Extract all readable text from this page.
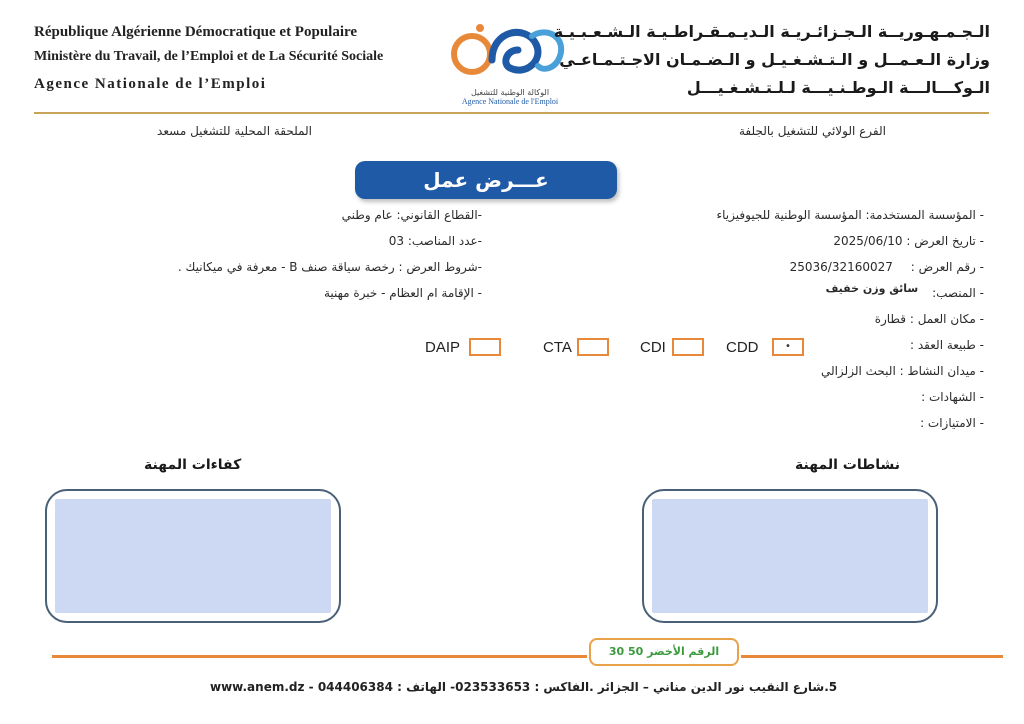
République Algérienne Démocratique et Populaire
Ministère du Travail, de l’Emploi et de La Sécurité Sociale
Agence Nationale de l’Emploi
الوكالة الوطنية للتشغيل
Agence Nationale de l'Emploi
الـجـمـهـوريــة الـجـزائـريـة الـديـمـقـراطـيـة الـشـعـبـيـة
وزارة الـعـمــل و الـتـشـغـيـل و الـضـمـان الاجـتـمـاعـي
الـوكـــالـــة الـوطـنـيـــة لـلـتـشـغـيـــل
الفرع الولائي للتشغيل بالجلفة
الملحقة المحلية للتشغيل مسعد
عـــرض عمل
- المؤسسة المستخدمة: المؤسسة الوطنية للجيوفيزياء
- تاريخ العرض : 2025/06/10
- رقم العرض : 25036/32160027
- المنصب: سائق وزن خفيف
- مكان العمل : قطارة
- طبيعة العقد :
- ميدان النشاط : البحث الزلزالي
- الشهادات :
- الامتيازات :
-القطاع القانوني: عام وطني
-عدد المناصب: 03
-شروط العرض : رخصة سياقة صنف B - معرفة في ميكانيك .
- الإقامة ام العظام - خبرة مهنية
CDD	•
CDI
CTA
DAIP
نشاطات المهنة
كفاءات المهنة
الرقم الأخضر 50 30
5.شارع النقيب نور الدين مناني – الجزائر .الفاكس : 023533653- الهاتف : 044406384 - www.anem.dz
